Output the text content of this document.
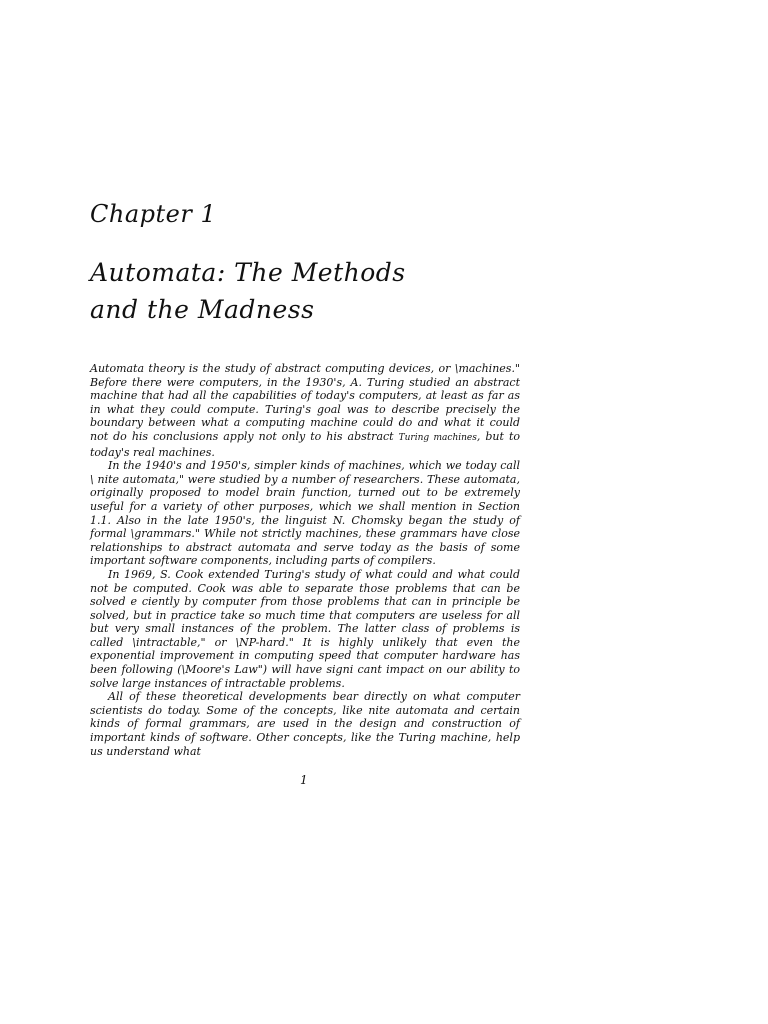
Chapter 1
Automata: The Methods
and the Madness

Automata theory is the study of abstract computing devices, or \machines." Before there were computers, in the 1930's, A. Turing studied an abstract machine that had all the capabilities of today's computers, at least as far as in what they could compute. Turing's goal was to describe precisely the boundary between what a computing machine could do and what it could not do his conclusions apply not only to his abstract Turing machines, but to today's real machines.

In the 1940's and 1950's, simpler kinds of machines, which we today call \ nite automata," were studied by a number of researchers. These automata, originally proposed to model brain function, turned out to be extremely useful for a variety of other purposes, which we shall mention in Section 1.1. Also in the late 1950's, the linguist N. Chomsky began the study of formal \grammars." While not strictly machines, these grammars have close relationships to abstract automata and serve today as the basis of some important software components, including parts of compilers.

In 1969, S. Cook extended Turing's study of what could and what could not be computed. Cook was able to separate those problems that can be solved e ciently by computer from those problems that can in principle be solved, but in practice take so much time that computers are useless for all but very small instances of the problem. The latter class of problems is called \intractable," or \NP-hard." It is highly unlikely that even the exponential improvement in computing speed that computer hardware has been following (\Moore's Law") will have signi cant impact on our ability to solve large instances of intractable problems.

All of these theoretical developments bear directly on what computer scientists do today. Some of the concepts, like nite automata and certain kinds of formal grammars, are used in the design and construction of important kinds of software. Other concepts, like the Turing machine, help us understand what

1
